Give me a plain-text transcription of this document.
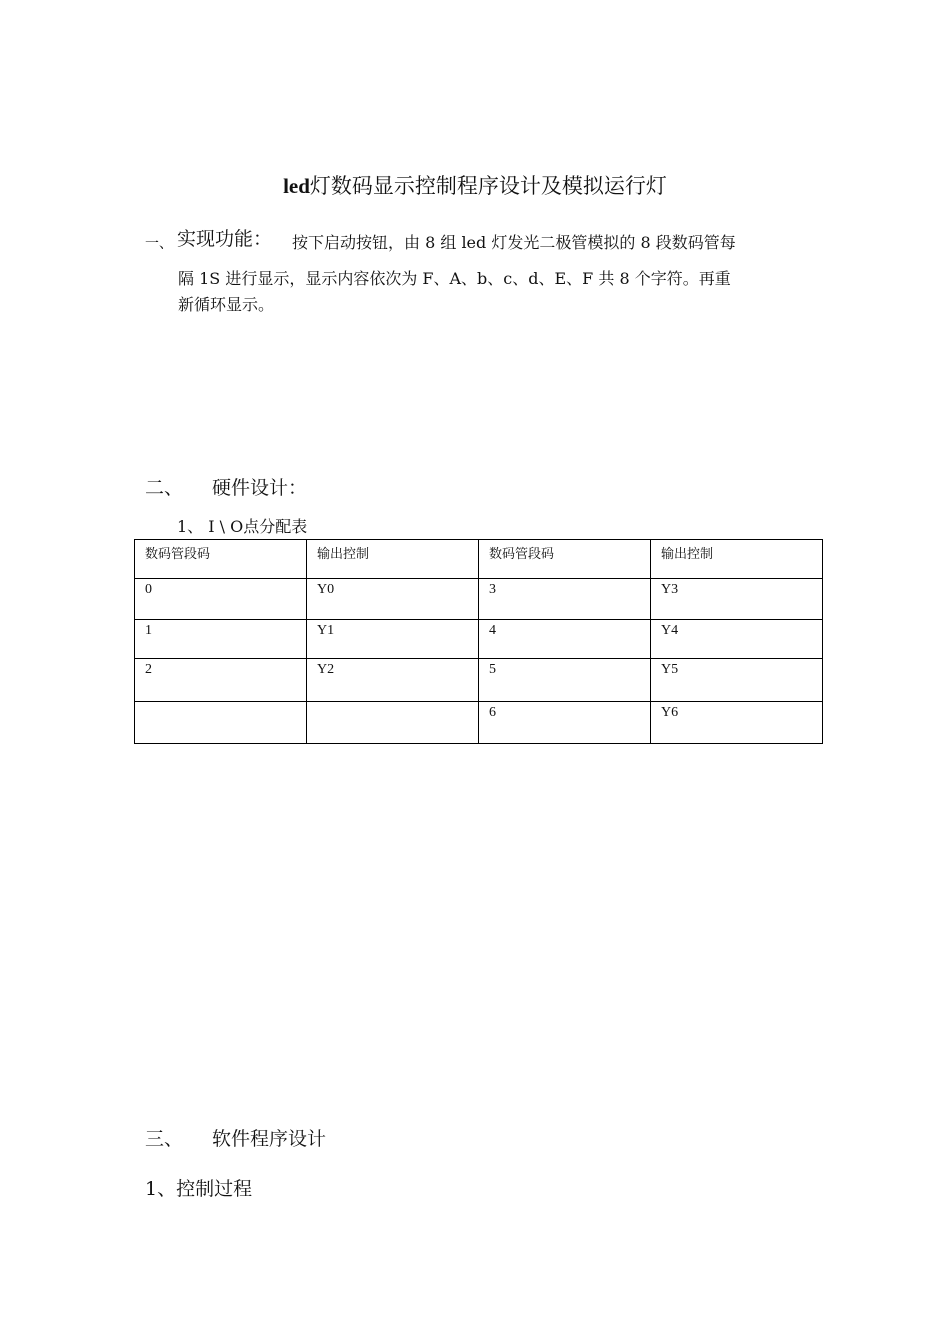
led灯数码显示控制程序设计及模拟运行灯
一、 实现功能： 按下启动按钮，由 8 组 led 灯发光二极管模拟的 8 段数码管每
隔 1S 进行显示，显示内容依次为 F、A、b、c、d、E、F 共 8 个字符。再重
新循环显示。
二、 硬件设计：
1、 I \ O点分配表
数码管段码	输出控制	数码管段码	输出控制
0	Y0	3	Y3
1	Y1	4	Y4
2	Y2	5	Y5
		6	Y6
三、 软件程序设计
1、控制过程
